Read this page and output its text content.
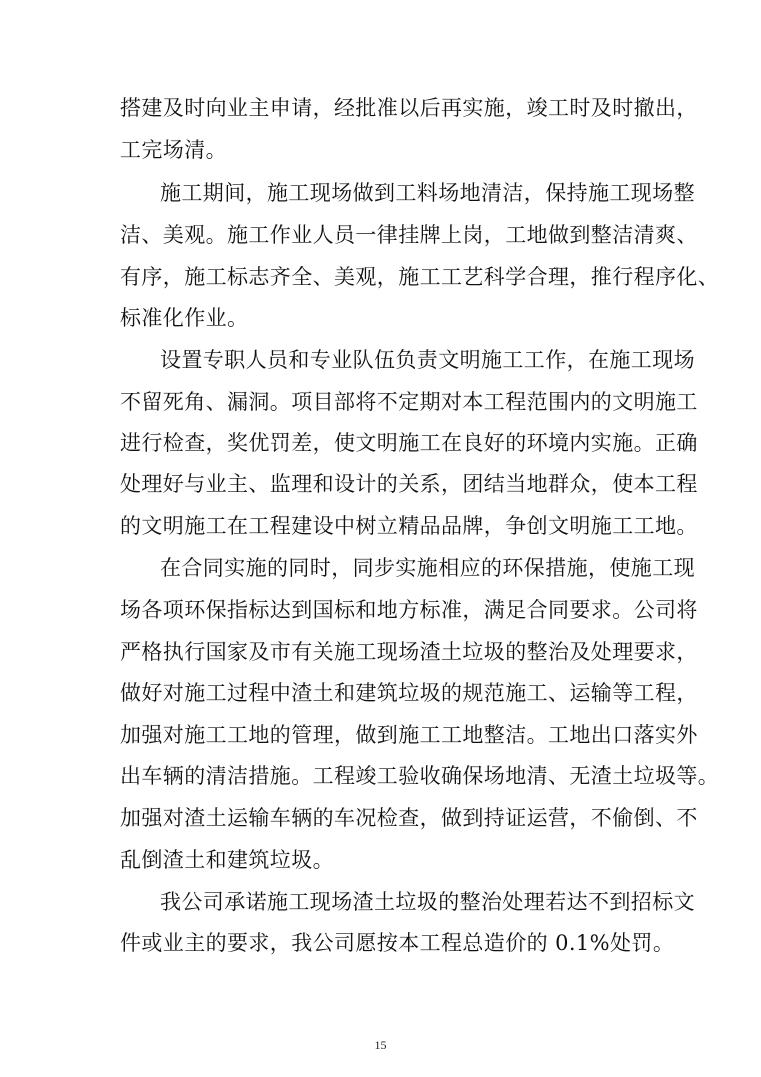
搭建及时向业主申请，经批准以后再实施，竣工时及时撤出，
工完场清。
施工期间，施工现场做到工料场地清洁，保持施工现场整
洁、美观。施工作业人员一律挂牌上岗，工地做到整洁清爽、
有序，施工标志齐全、美观，施工工艺科学合理，推行程序化、
标准化作业。
设置专职人员和专业队伍负责文明施工工作，在施工现场
不留死角、漏洞。项目部将不定期对本工程范围内的文明施工
进行检查，奖优罚差，使文明施工在良好的环境内实施。正确
处理好与业主、监理和设计的关系，团结当地群众，使本工程
的文明施工在工程建设中树立精品品牌，争创文明施工工地。
在合同实施的同时，同步实施相应的环保措施，使施工现
场各项环保指标达到国标和地方标准，满足合同要求。公司将
严格执行国家及市有关施工现场渣土垃圾的整治及处理要求，
做好对施工过程中渣土和建筑垃圾的规范施工、运输等工程，
加强对施工工地的管理，做到施工工地整洁。工地出口落实外
出车辆的清洁措施。工程竣工验收确保场地清、无渣土垃圾等。
加强对渣土运输车辆的车况检查，做到持证运营，不偷倒、不
乱倒渣土和建筑垃圾。
我公司承诺施工现场渣土垃圾的整治处理若达不到招标文
件或业主的要求，我公司愿按本工程总造价的 0.1%处罚。
15
